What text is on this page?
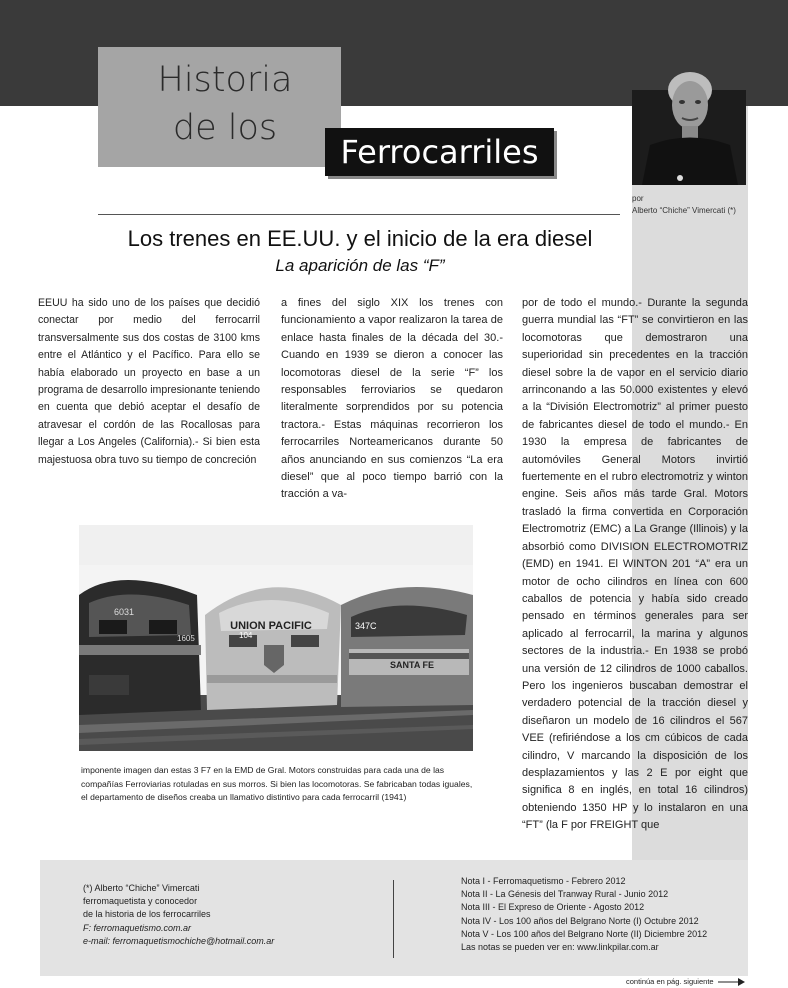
Historia
de los
Ferrocarriles
por
Alberto “Chiche” Vimercati (*)
Los trenes en EE.UU. y el inicio de la era diesel
La aparición de las “F”

EEUU ha sido uno de los países que decidió conectar por medio del ferrocarril transversalmente sus dos costas de 3100 kms entre el Atlántico y el Pacífico. Para ello se había elaborado un proyecto en base a un programa de desarrollo impresionante teniendo en cuenta que debió aceptar el desafío de atravesar el cordón de las Rocallosas para llegar a Los Angeles (California).- Si bien esta majestuosa obra tuvo su tiempo de concreción

a fines del siglo XIX los trenes con funcionamiento a vapor realizaron la tarea de enlace hasta finales de la década del 30.- Cuando en 1939 se dieron a conocer las locomotoras diesel de la serie “F” los responsables ferroviarios se quedaron literalmente sorprendidos por su potencia tractora.- Estas máquinas recorrieron los ferrocarriles Norteamericanos durante 50 años anunciando en sus comienzos “La era diesel” que al poco tiempo barrió con la tracción a va-

por de todo el mundo.- Durante la segunda guerra mundial las “FT” se convirtieron en las locomotoras que demostraron una superioridad sin precedentes en la tracción diesel sobre la de vapor en el servicio diario arrinconando a las 50.000 existentes y elevó a la “División Electromotriz” al primer puesto de fabricantes diesel de todo el mundo.- En 1930 la empresa de fabricantes de automóviles General Motors invirtió fuertemente en el rubro electromotriz y winton engine. Seis años más tarde Gral. Motors trasladó la firma convertida en Corporación Electromotriz (EMC) a La Grange (Illinois) y la absorbió como DIVISION ELECTROMOTRIZ (EMD) en 1941. El WINTON 201 “A” era un motor de ocho cilindros en línea con 600 caballos de potencia y había sido creado pensado en términos generales para ser aplicado al ferrocarril, la marina y algunos sectores de la industria.- En 1938 se probó una versión de 12 cilindros de 1000 caballos. Pero los ingenieros buscaban demostrar el verdadero potencial de la tracción diesel y diseñaron un modelo de 16 cilindros el 567 VEE (refiriéndose a los cm cúbicos de cada cilindro, V marcando la disposición de los desplazamientos y las 2 E por eight que significa 8 en inglés, en total 16 cilindros) obteniendo 1350 HP y lo instalaron en una “FT” (la F por FREIGHT que

6031
1605
UNION PACIFIC
104
347C
SANTA FE
imponente imagen dan estas 3 F7 en la EMD de Gral. Motors construidas para cada una de las compañías Ferroviarias rotuladas en sus morros. Si bien las locomotoras. Se fabricaban todas iguales, el departamento de diseños creaba un llamativo distintivo para cada ferrocarril (1941)
(*) Alberto “Chiche” Vimercati
ferromaquetista y conocedor
de la historia de los ferrocarriles
F: ferromaquetismo.com.ar
e-mail: ferromaquetismochiche@hotmail.com.ar
Nota I - Ferromaquetismo - Febrero 2012
Nota II - La Génesis del Tranway Rural - Junio 2012
Nota III - El Expreso de Oriente - Agosto 2012
Nota IV - Los 100 años del Belgrano Norte (I) Octubre 2012
Nota V - Los 100 años del Belgrano Norte (II) Diciembre 2012
Las notas se pueden ver en: www.linkpilar.com.ar
continúa en pág. siguiente
